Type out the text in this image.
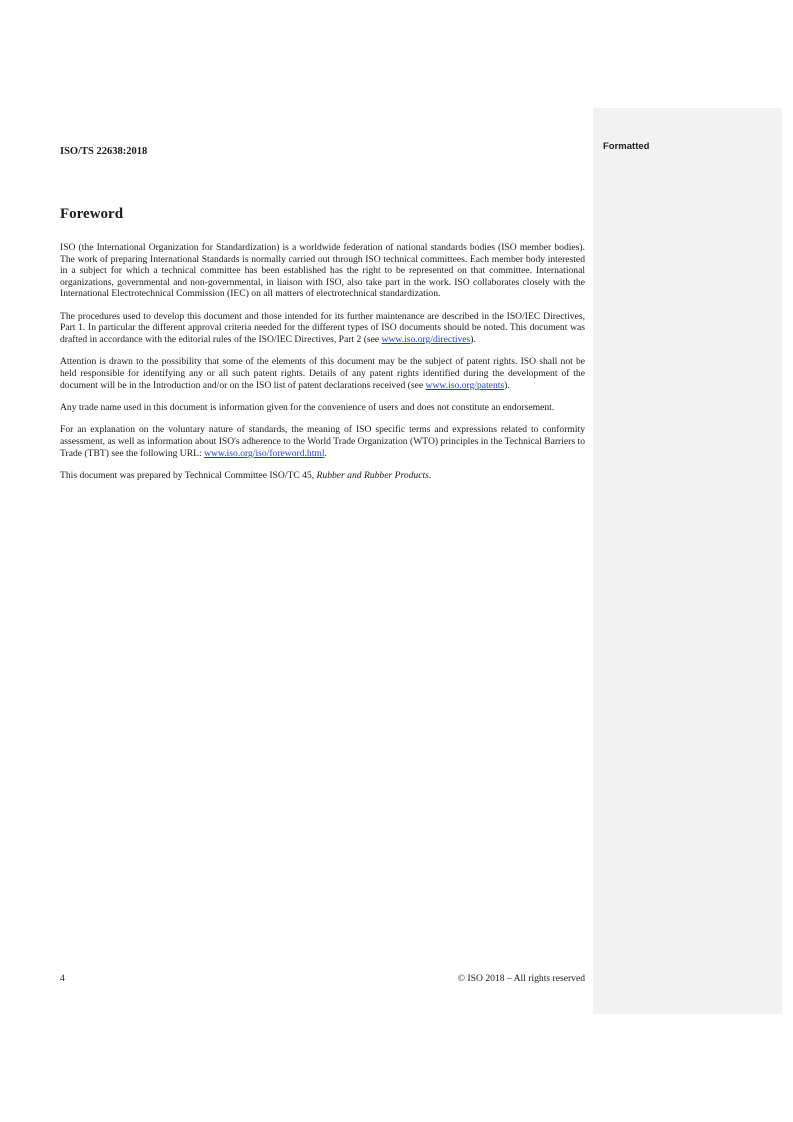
Formatted
ISO/TS 22638:2018
Foreword

ISO (the International Organization for Standardization) is a worldwide federation of national standards bodies (ISO member bodies). The work of preparing International Standards is normally carried out through ISO technical committees. Each member body interested in a subject for which a technical committee has been established has the right to be represented on that committee. International organizations, governmental and non-governmental, in liaison with ISO, also take part in the work. ISO collaborates closely with the International Electrotechnical Commission (IEC) on all matters of electrotechnical standardization.

The procedures used to develop this document and those intended for its further maintenance are described in the ISO/IEC Directives, Part 1. In particular the different approval criteria needed for the different types of ISO documents should be noted. This document was drafted in accordance with the editorial rules of the ISO/IEC Directives, Part 2 (see www.iso.org/directives).

Attention is drawn to the possibility that some of the elements of this document may be the subject of patent rights. ISO shall not be held responsible for identifying any or all such patent rights. Details of any patent rights identified during the development of the document will be in the Introduction and/or on the ISO list of patent declarations received (see www.iso.org/patents).

Any trade name used in this document is information given for the convenience of users and does not constitute an endorsement.

For an explanation on the voluntary nature of standards, the meaning of ISO specific terms and expressions related to conformity assessment, as well as information about ISO's adherence to the World Trade Organization (WTO) principles in the Technical Barriers to Trade (TBT) see the following URL: www.iso.org/iso/foreword.html.

This document was prepared by Technical Committee ISO/TC 45, Rubber and Rubber Products.

4	© ISO 2018 – All rights reserved
